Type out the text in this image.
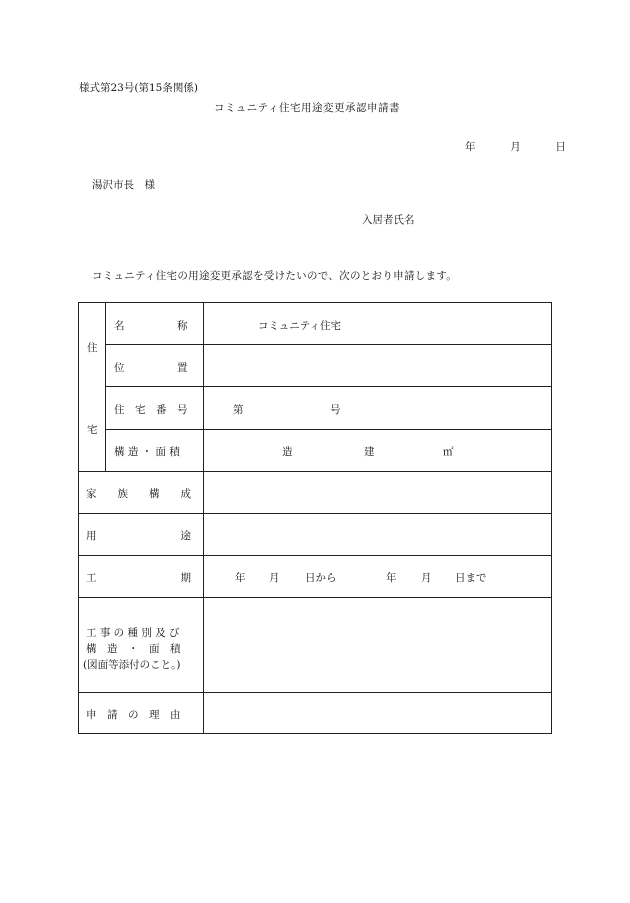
様式第23号(第15条関係)
コミュニティ住宅用途変更承認申請書
年	月	日
湯沢市長　様
入居者氏名
コミュニティ住宅の用途変更承認を受けたいので、次のとおり申請します。
住
宅
名　　　　　称	コミュニティ住宅
位　　　　　置
住　宅　番　号	第	号
構 造 ・ 面 積	造	建	㎡
家　　族　　構　　成
用　　　　　　　　途
工　　　　　　　　期	年 月 日から	年 月 日まで
工 事 の 種 別 及 び
構　造　・　面　積
(図面等添付のこと。)
申　請　の　理　由
